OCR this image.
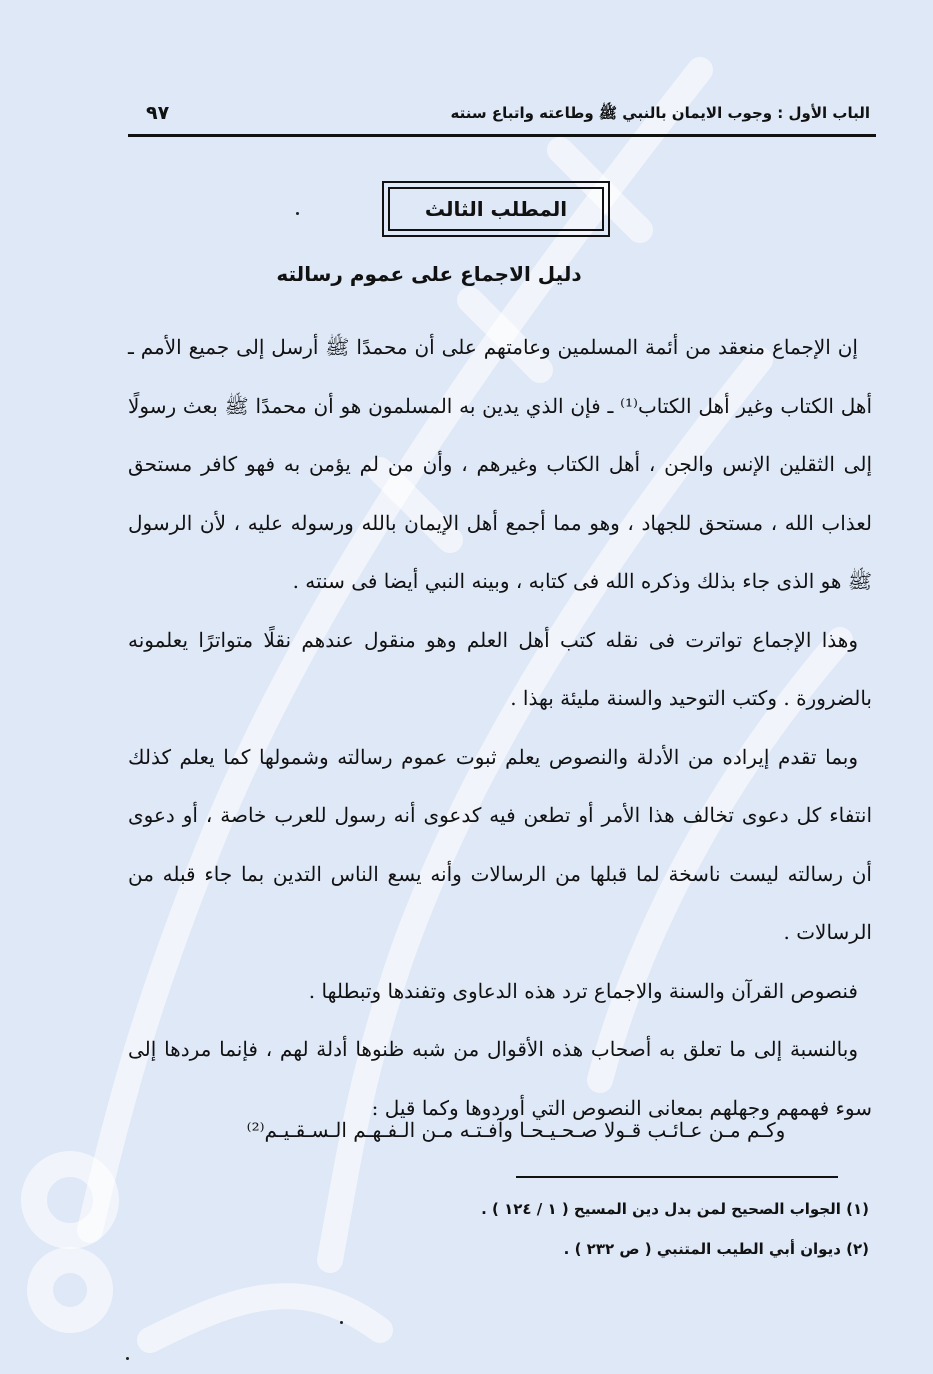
٩٧	الباب الأول : وجوب الايمان بالنبي ﷺ وطاعته واتباع سنته
المطلب الثالث
دليل الاجماع على عموم رسالته

إن الإجماع منعقد من أئمة المسلمين وعامتهم على أن محمدًا ﷺ أرسل إلى جميع الأمم ـ أهل الكتاب وغير أهل الكتاب⁽¹⁾ ـ فإن الذي يدين به المسلمون هو أن محمدًا ﷺ بعث رسولًا إلى الثقلين الإنس والجن ، أهل الكتاب وغيرهم ، وأن من لم يؤمن به فهو كافر مستحق لعذاب الله ، مستحق للجهاد ، وهو مما أجمع أهل الإيمان بالله ورسوله عليه ، لأن الرسول ﷺ هو الذى جاء بذلك وذكره الله فى كتابه ، وبينه النبي أيضا فى سنته .

وهذا الإجماع تواترت فى نقله كتب أهل العلم وهو منقول عندهم نقلًا متواترًا يعلمونه بالضرورة . وكتب التوحيد والسنة مليئة بهذا .

وبما تقدم إيراده من الأدلة والنصوص يعلم ثبوت عموم رسالته وشمولها كما يعلم كذلك انتفاء كل دعوى تخالف هذا الأمر أو تطعن فيه كدعوى أنه رسول للعرب خاصة ، أو دعوى أن رسالته ليست ناسخة لما قبلها من الرسالات وأنه يسع الناس التدين بما جاء قبله من الرسالات .

فنصوص القرآن والسنة والاجماع ترد هذه الدعاوى وتفندها وتبطلها .

وبالنسبة إلى ما تعلق به أصحاب هذه الأقوال من شبه ظنوها أدلة لهم ، فإنما مردها إلى سوء فهمهم وجهلهم بمعانى النصوص التي أوردوها وكما قيل :

وكـم مـن عـائـب قـولا صـحـيـحـا وآفـتـه مـن الـفـهـم الـسـقـيـم⁽²⁾
(١) الجواب الصحيح لمن بدل دين المسيح ( ١ / ١٢٤ ) .
(٢) ديوان أبي الطيب المتنبي ( ص ٢٣٢ ) .
